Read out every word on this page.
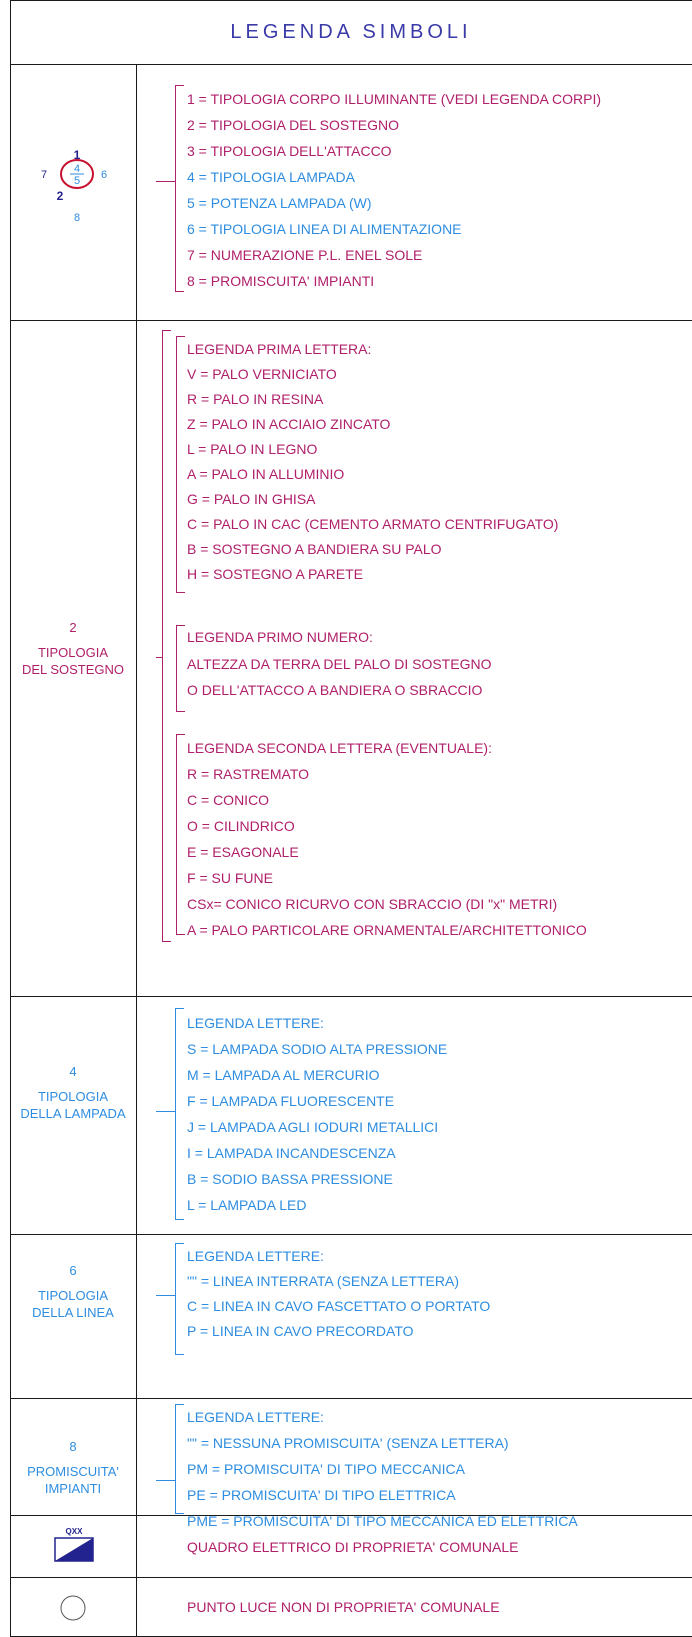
LEGENDA SIMBOLI
1
4
5
7	6
2
8
1 = TIPOLOGIA CORPO ILLUMINANTE (VEDI LEGENDA CORPI)
2 = TIPOLOGIA DEL SOSTEGNO
3 = TIPOLOGIA DELL'ATTACCO
4 = TIPOLOGIA LAMPADA
5 = POTENZA LAMPADA (W)
6 = TIPOLOGIA LINEA DI ALIMENTAZIONE
7 = NUMERAZIONE P.L. ENEL SOLE
8 = PROMISCUITA' IMPIANTI
2
TIPOLOGIA
DEL SOSTEGNO
LEGENDA PRIMA LETTERA:
V = PALO VERNICIATO
R = PALO IN RESINA
Z = PALO IN ACCIAIO ZINCATO
L = PALO IN LEGNO
A = PALO IN ALLUMINIO
G = PALO IN GHISA
C = PALO IN CAC (CEMENTO ARMATO CENTRIFUGATO)
B = SOSTEGNO A BANDIERA SU PALO
H = SOSTEGNO A PARETE
LEGENDA PRIMO NUMERO:
ALTEZZA DA TERRA DEL PALO DI SOSTEGNO
O DELL'ATTACCO A BANDIERA O SBRACCIO
LEGENDA SECONDA LETTERA (EVENTUALE):
R = RASTREMATO
C = CONICO
O = CILINDRICO
E = ESAGONALE
F = SU FUNE
CSx= CONICO RICURVO CON SBRACCIO (DI "x" METRI)
A = PALO PARTICOLARE ORNAMENTALE/ARCHITETTONICO
4
TIPOLOGIA
DELLA LAMPADA
LEGENDA LETTERE:
S = LAMPADA SODIO ALTA PRESSIONE
M = LAMPADA AL MERCURIO
F = LAMPADA FLUORESCENTE
J = LAMPADA AGLI IODURI METALLICI
I = LAMPADA INCANDESCENZA
B = SODIO BASSA PRESSIONE
L = LAMPADA LED
6
TIPOLOGIA
DELLA LINEA
LEGENDA LETTERE:
"" = LINEA INTERRATA (SENZA LETTERA)
C = LINEA IN CAVO FASCETTATO O PORTATO
P = LINEA IN CAVO PRECORDATO
8
PROMISCUITA'
IMPIANTI
LEGENDA LETTERE:
"" = NESSUNA PROMISCUITA' (SENZA LETTERA)
PM = PROMISCUITA' DI TIPO MECCANICA
PE = PROMISCUITA' DI TIPO ELETTRICA
PME = PROMISCUITA' DI TIPO MECCANICA ED ELETTRICA
QXX
QUADRO ELETTRICO DI PROPRIETA' COMUNALE
PUNTO LUCE NON DI PROPRIETA' COMUNALE
